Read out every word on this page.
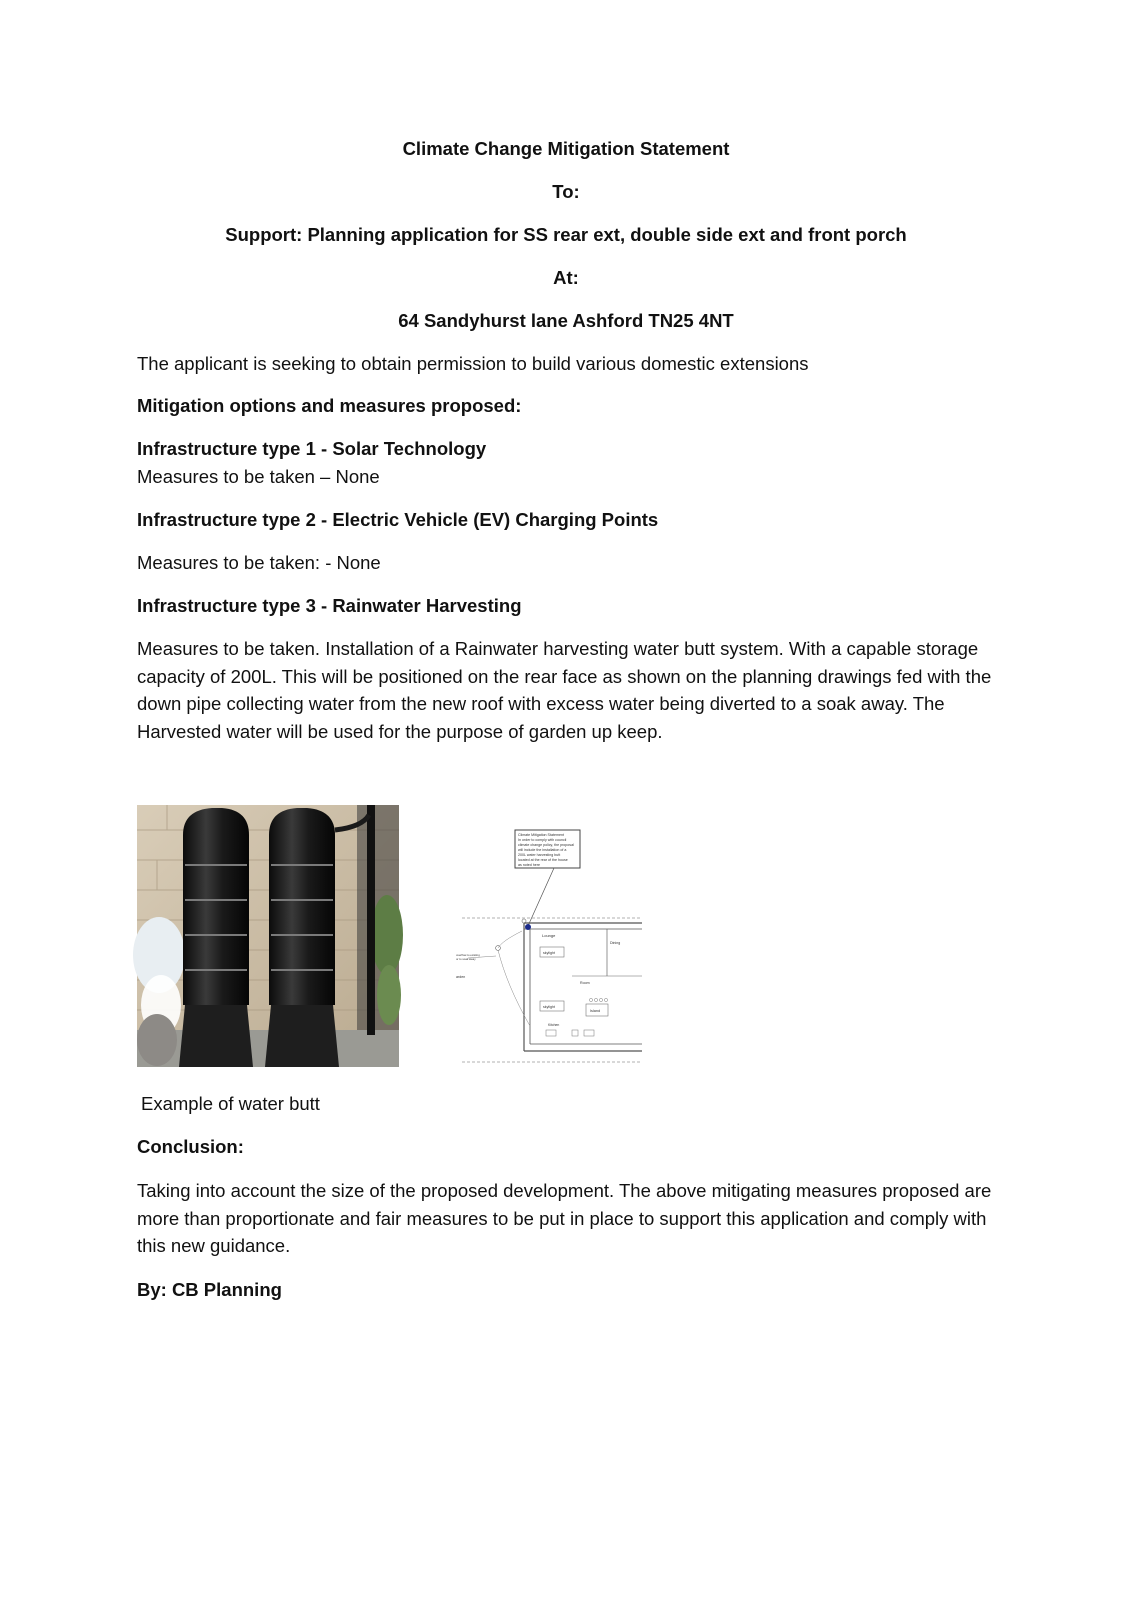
Climate Change Mitigation Statement
To:
Support: Planning application for SS rear ext, double side ext and front porch
At:
64 Sandyhurst lane Ashford TN25 4NT
The applicant is seeking to obtain permission to build various domestic extensions
Mitigation options and measures proposed:
Infrastructure type 1 - Solar Technology
Measures to be taken – None
Infrastructure type 2 - Electric Vehicle (EV) Charging Points
Measures to be taken: - None
Infrastructure type 3 - Rainwater Harvesting
Measures to be taken. Installation of a Rainwater harvesting water butt system. With a capable storage capacity of 200L. This will be positioned on the rear face as shown on the planning drawings fed with the down pipe collecting water from the new roof with excess water being diverted to a soak away. The Harvested water will be used for the purpose of garden up keep.
Climate Mitigation Statement
In order to comply with council
climate change policy, the proposal
will include the installation of a
200L water harvesting butt
located at the rear of the house
as noted here
Lounge
skylight
Dining
Room
skylight
Island
Kitchen
arden
overflow to existing
or to soak away
Example of water butt
Conclusion:
Taking into account the size of the proposed development. The above mitigating measures proposed are more than proportionate and fair measures to be put in place to support this application and comply with this new guidance.
By: CB Planning
